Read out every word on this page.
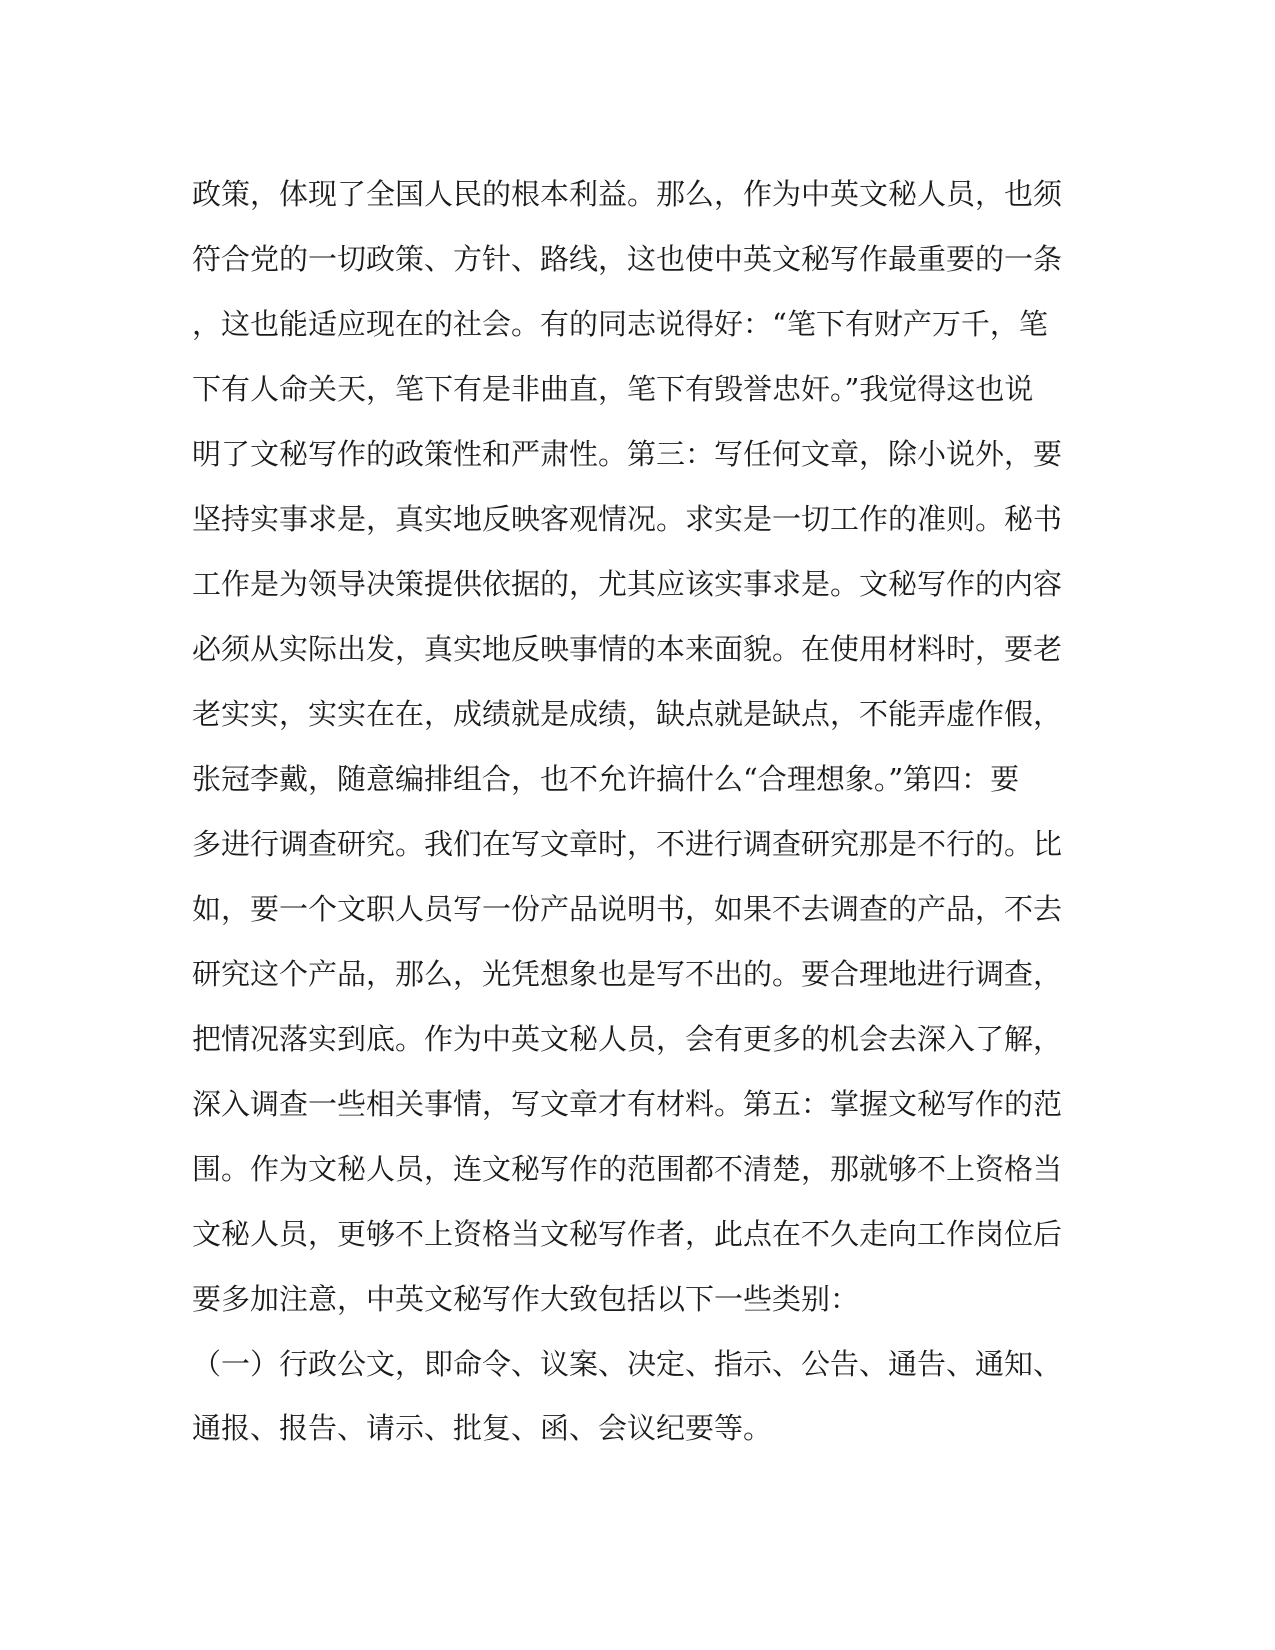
政策，体现了全国人民的根本利益。那么，作为中英文秘人员，也须
符合党的一切政策、方针、路线，这也使中英文秘写作最重要的一条
，这也能适应现在的社会。有的同志说得好：“笔下有财产万千，笔
下有人命关天，笔下有是非曲直，笔下有毁誉忠奸。”我觉得这也说
明了文秘写作的政策性和严肃性。第三：写任何文章，除小说外，要
坚持实事求是，真实地反映客观情况。求实是一切工作的准则。秘书
工作是为领导决策提供依据的，尤其应该实事求是。文秘写作的内容
必须从实际出发，真实地反映事情的本来面貌。在使用材料时，要老
老实实，实实在在，成绩就是成绩，缺点就是缺点，不能弄虚作假，
张冠李戴，随意编排组合，也不允许搞什么“合理想象。”第四：要
多进行调查研究。我们在写文章时，不进行调查研究那是不行的。比
如，要一个文职人员写一份产品说明书，如果不去调查的产品，不去
研究这个产品，那么，光凭想象也是写不出的。要合理地进行调查，
把情况落实到底。作为中英文秘人员，会有更多的机会去深入了解，
深入调查一些相关事情，写文章才有材料。第五：掌握文秘写作的范
围。作为文秘人员，连文秘写作的范围都不清楚，那就够不上资格当
文秘人员，更够不上资格当文秘写作者，此点在不久走向工作岗位后
要多加注意，中英文秘写作大致包括以下一些类别：
（一）行政公文，即命令、议案、决定、指示、公告、通告、通知、
通报、报告、请示、批复、函、会议纪要等。
